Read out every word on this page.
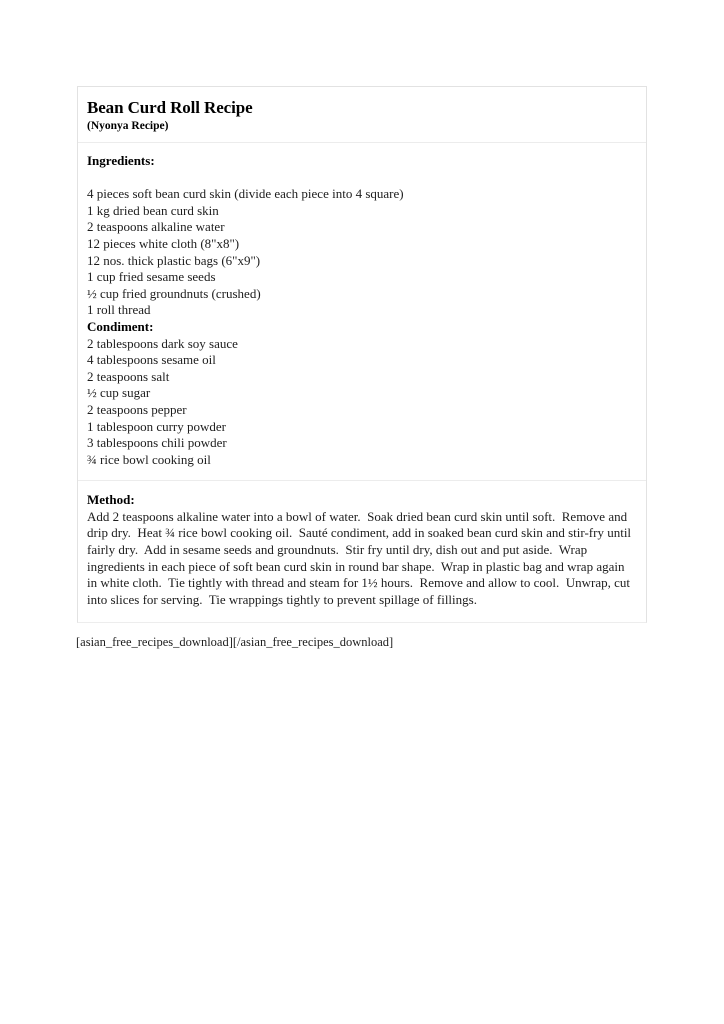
Bean Curd Roll Recipe
(Nyonya Recipe)
Ingredients:
4 pieces soft bean curd skin (divide each piece into 4 square)
1 kg dried bean curd skin
2 teaspoons alkaline water
12 pieces white cloth (8"x8")
12 nos. thick plastic bags (6"x9")
1 cup fried sesame seeds
½ cup fried groundnuts (crushed)
1 roll thread
Condiment:
2 tablespoons dark soy sauce
4 tablespoons sesame oil
2 teaspoons salt
½ cup sugar
2 teaspoons pepper
1 tablespoon curry powder
3 tablespoons chili powder
¾ rice bowl cooking oil
Method:

Add 2 teaspoons alkaline water into a bowl of water.  Soak dried bean curd skin until soft.  Remove and drip dry.  Heat ¾ rice bowl cooking oil.  Sauté condiment, add in soaked bean curd skin and stir-fry until fairly dry.  Add in sesame seeds and groundnuts.  Stir fry until dry, dish out and put aside.  Wrap ingredients in each piece of soft bean curd skin in round bar shape.  Wrap in plastic bag and wrap again in white cloth.  Tie tightly with thread and steam for 1½ hours.  Remove and allow to cool.  Unwrap, cut into slices for serving.  Tie wrappings tightly to prevent spillage of fillings.

[asian_free_recipes_download][/asian_free_recipes_download]
